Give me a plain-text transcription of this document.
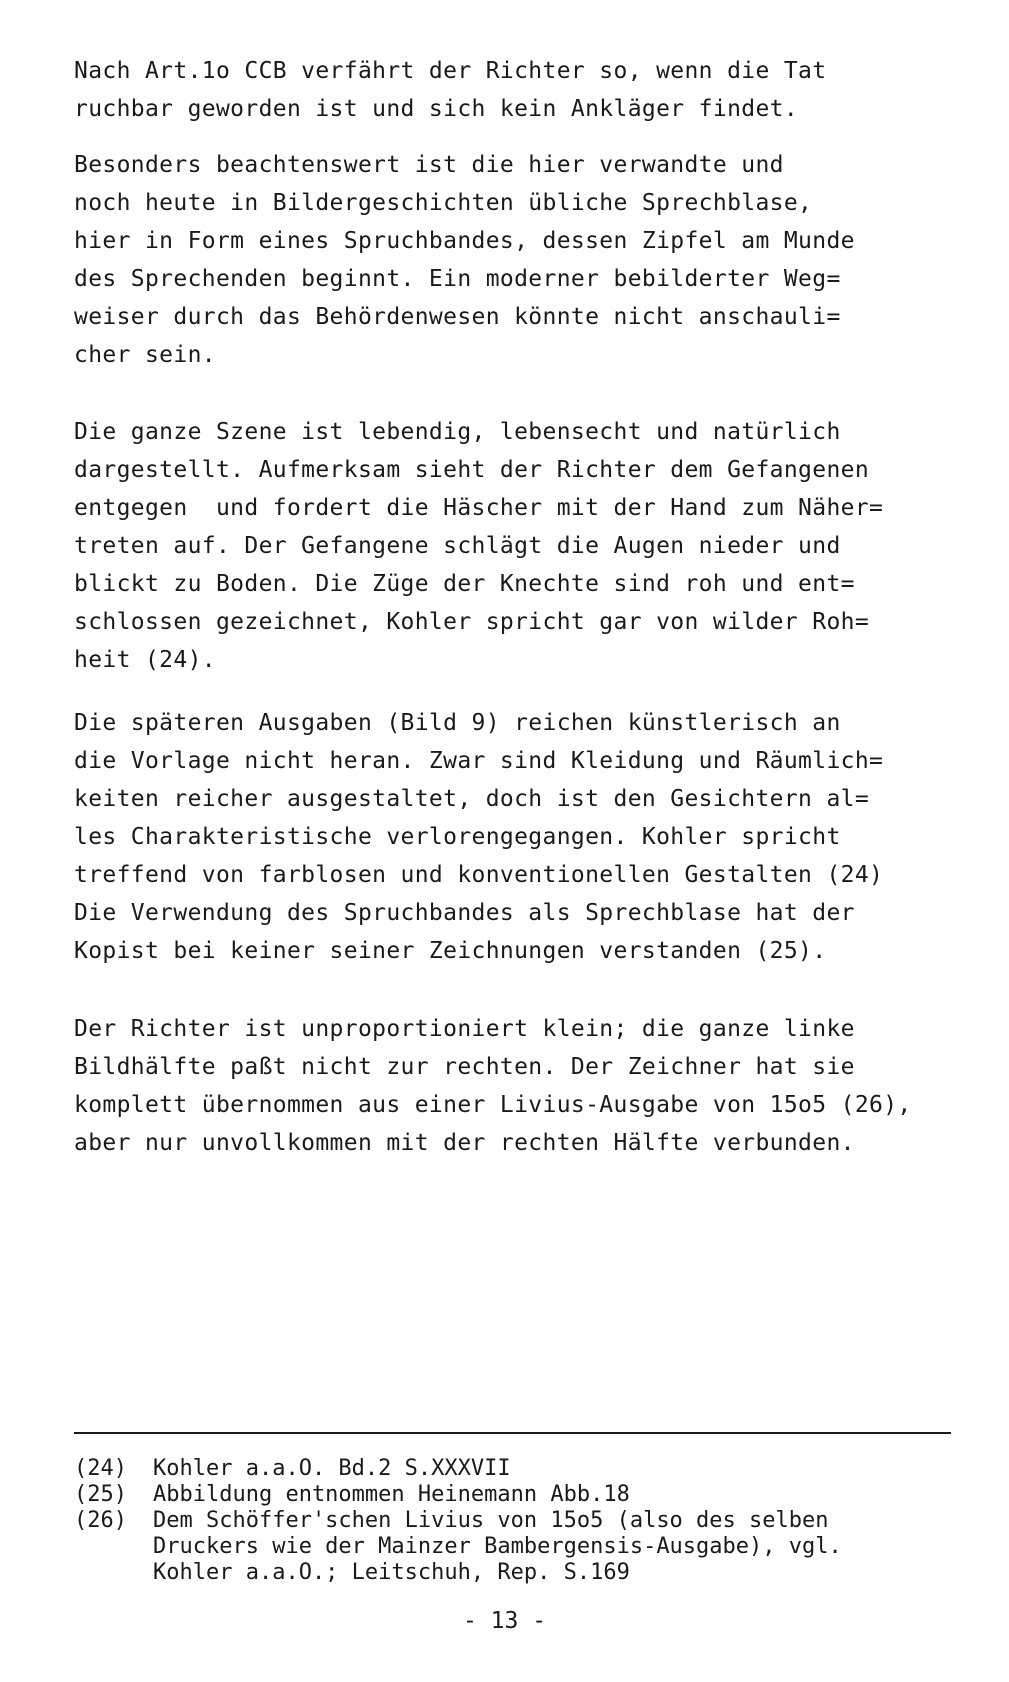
Nach Art.1o CCB verfährt der Richter so, wenn die Tat
ruchbar geworden ist und sich kein Ankläger findet.

Besonders beachtenswert ist die hier verwandte und
noch heute in Bildergeschichten übliche Sprechblase,
hier in Form eines Spruchbandes, dessen Zipfel am Munde
des Sprechenden beginnt. Ein moderner bebilderter Weg=
weiser durch das Behördenwesen könnte nicht anschauli=
cher sein.

Die ganze Szene ist lebendig, lebensecht und natürlich
dargestellt. Aufmerksam sieht der Richter dem Gefangenen
entgegen  und fordert die Häscher mit der Hand zum Näher=
treten auf. Der Gefangene schlägt die Augen nieder und
blickt zu Boden. Die Züge der Knechte sind roh und ent=
schlossen gezeichnet, Kohler spricht gar von wilder Roh=
heit (24).

Die späteren Ausgaben (Bild 9) reichen künstlerisch an
die Vorlage nicht heran. Zwar sind Kleidung und Räumlich=
keiten reicher ausgestaltet, doch ist den Gesichtern al=
les Charakteristische verlorengegangen. Kohler spricht
treffend von farblosen und konventionellen Gestalten (24)
Die Verwendung des Spruchbandes als Sprechblase hat der
Kopist bei keiner seiner Zeichnungen verstanden (25).

Der Richter ist unproportioniert klein; die ganze linke
Bildhälfte paßt nicht zur rechten. Der Zeichner hat sie
komplett übernommen aus einer Livius-Ausgabe von 15o5 (26),
aber nur unvollkommen mit der rechten Hälfte verbunden.

(24)	Kohler a.a.O. Bd.2 S.XXXVII
(25)	Abbildung entnommen Heinemann Abb.18
(26)	Dem Schöffer'schen Livius von 15o5 (also des selben
Druckers wie der Mainzer Bambergensis-Ausgabe), vgl.
Kohler a.a.O.; Leitschuh, Rep. S.169
- 13 -
